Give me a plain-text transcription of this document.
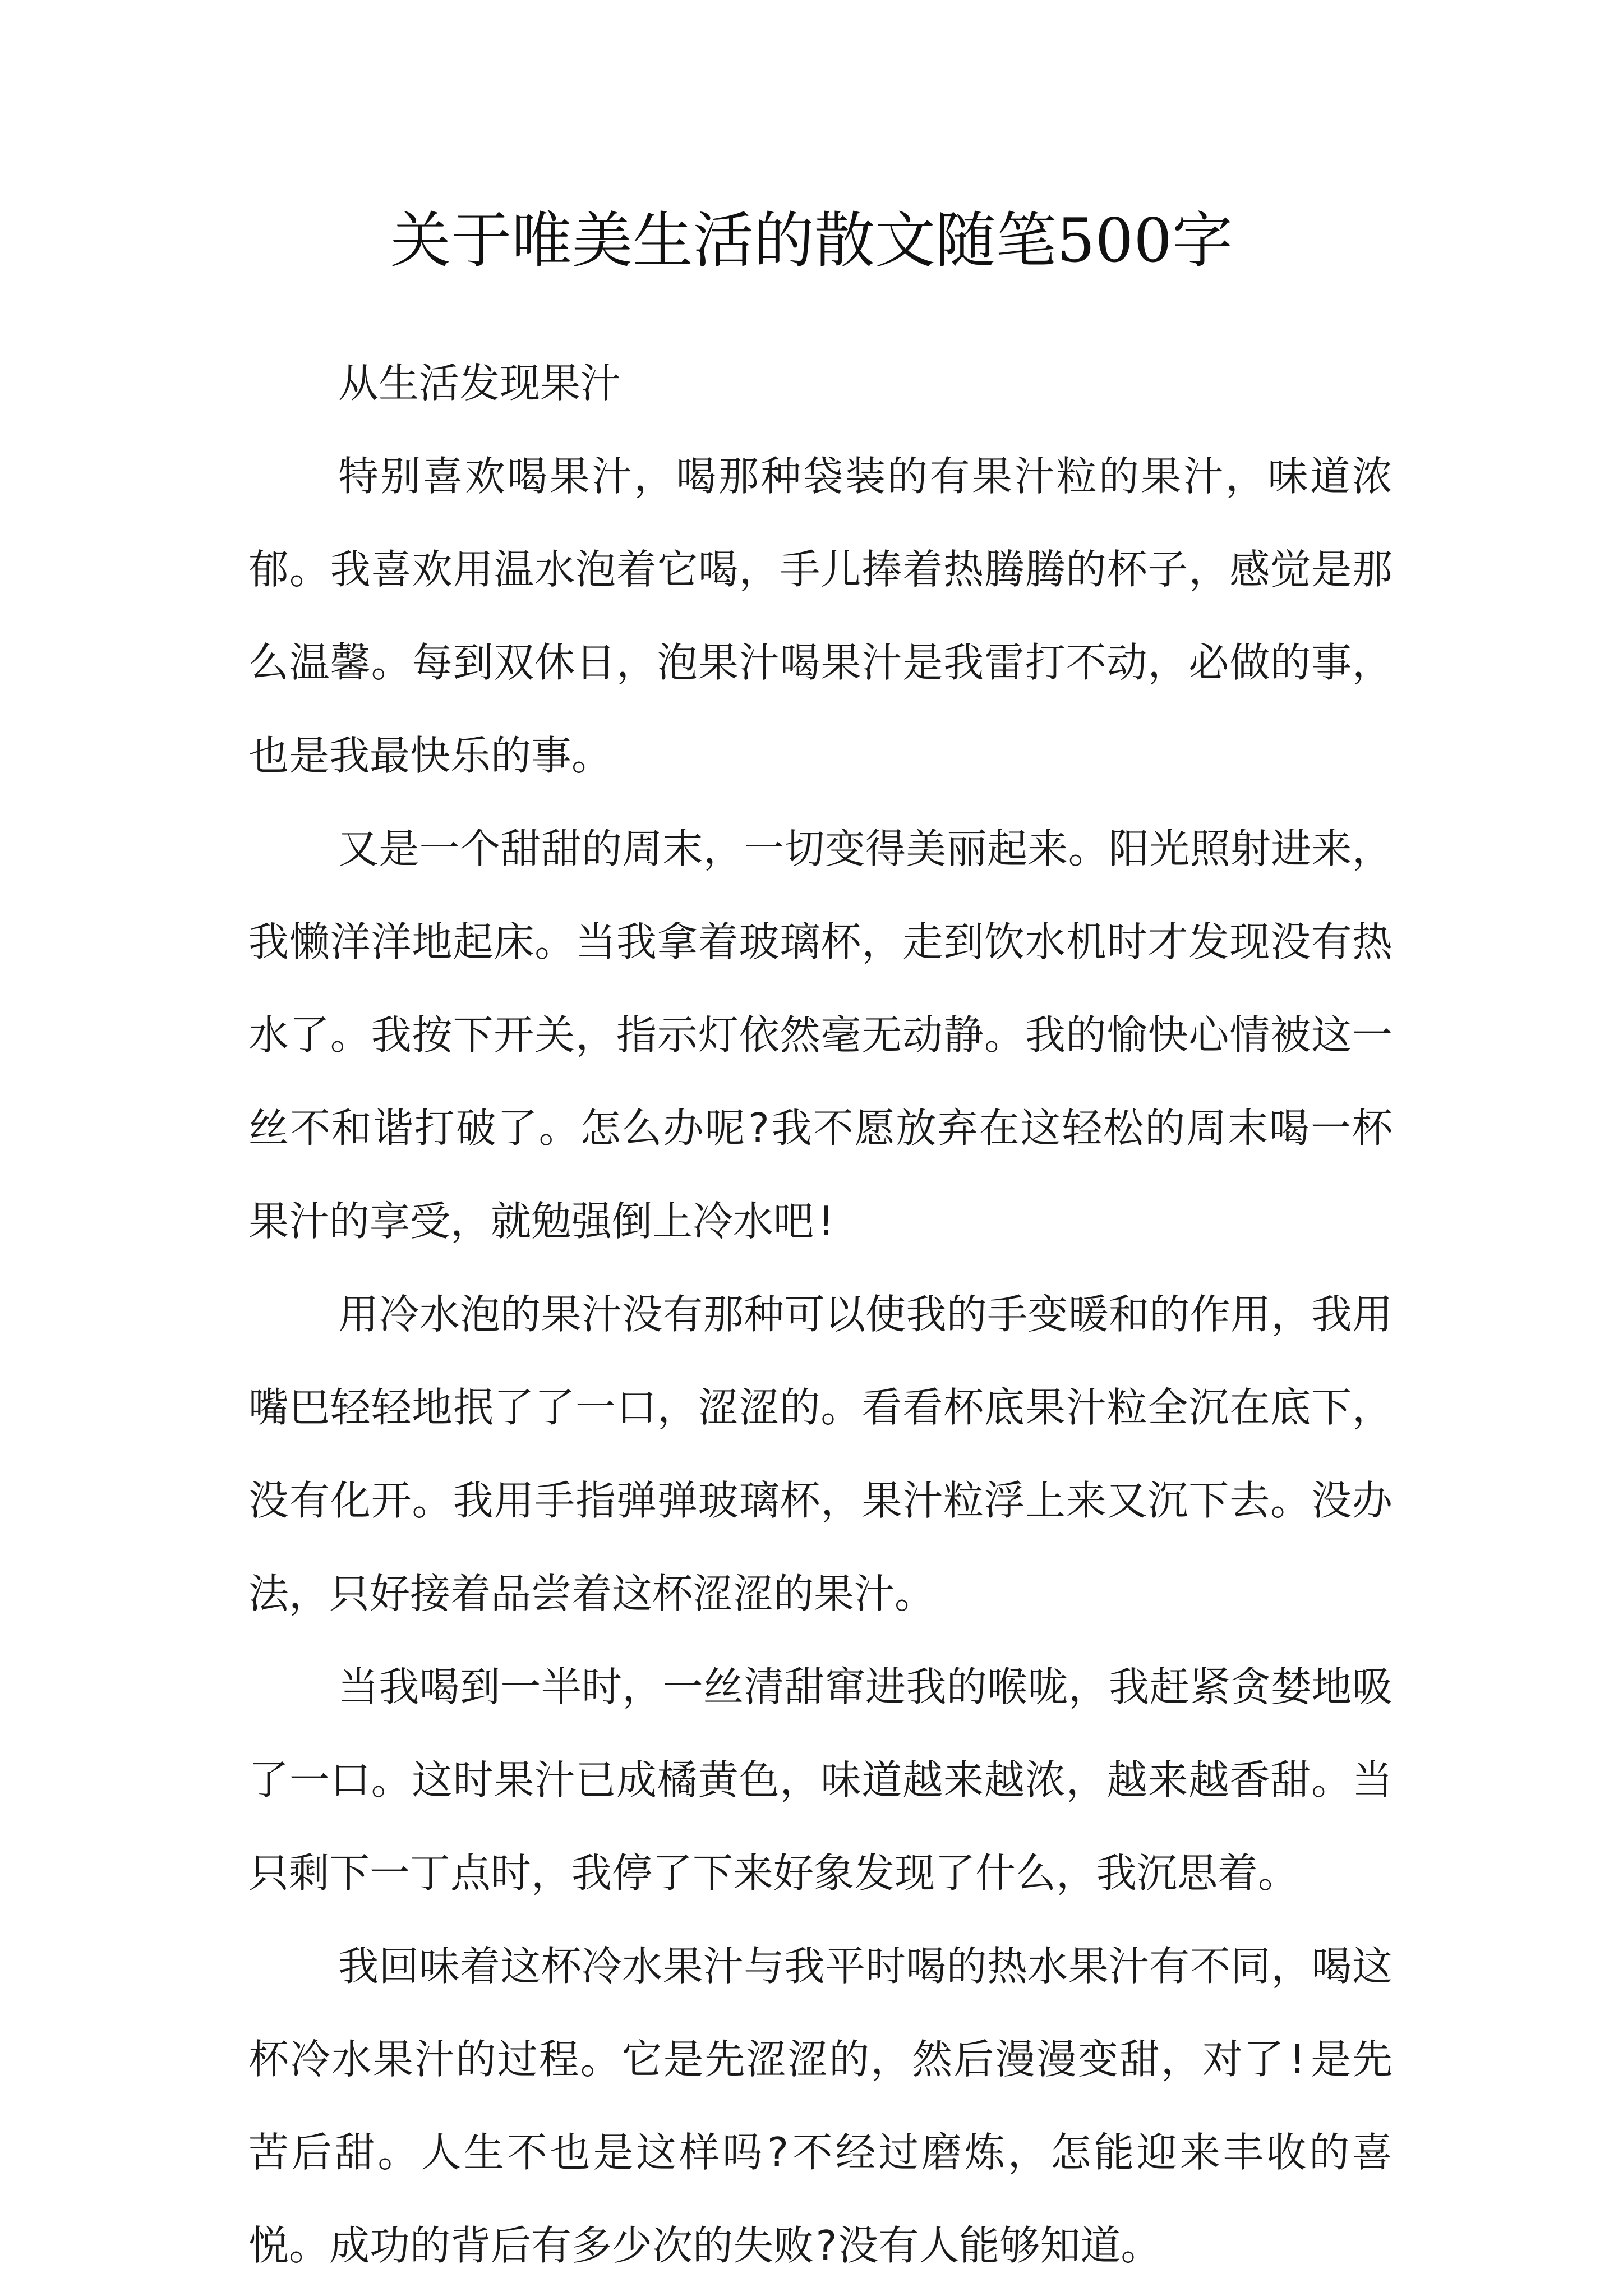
关于唯美生活的散文随笔500字

从生活发现果汁

特别喜欢喝果汁，喝那种袋装的有果汁粒的果汁，味道浓郁。我喜欢用温水泡着它喝，手儿捧着热腾腾的杯子，感觉是那么温馨。每到双休日，泡果汁喝果汁是我雷打不动，必做的事，也是我最快乐的事。

又是一个甜甜的周末，一切变得美丽起来。阳光照射进来，我懒洋洋地起床。当我拿着玻璃杯，走到饮水机时才发现没有热水了。我按下开关，指示灯依然毫无动静。我的愉快心情被这一丝不和谐打破了。怎么办呢?我不愿放弃在这轻松的周末喝一杯果汁的享受，就勉强倒上冷水吧!

用冷水泡的果汁没有那种可以使我的手变暖和的作用，我用嘴巴轻轻地抿了了一口，涩涩的。看看杯底果汁粒全沉在底下，没有化开。我用手指弹弹玻璃杯，果汁粒浮上来又沉下去。没办法，只好接着品尝着这杯涩涩的果汁。

当我喝到一半时，一丝清甜窜进我的喉咙，我赶紧贪婪地吸了一口。这时果汁已成橘黄色，味道越来越浓，越来越香甜。当只剩下一丁点时，我停了下来好象发现了什么，我沉思着。

我回味着这杯冷水果汁与我平时喝的热水果汁有不同，喝这杯冷水果汁的过程。它是先涩涩的，然后漫漫变甜，对了!是先苦后甜。人生不也是这样吗?不经过磨炼，怎能迎来丰收的喜悦。成功的背后有多少次的失败?没有人能够知道。
